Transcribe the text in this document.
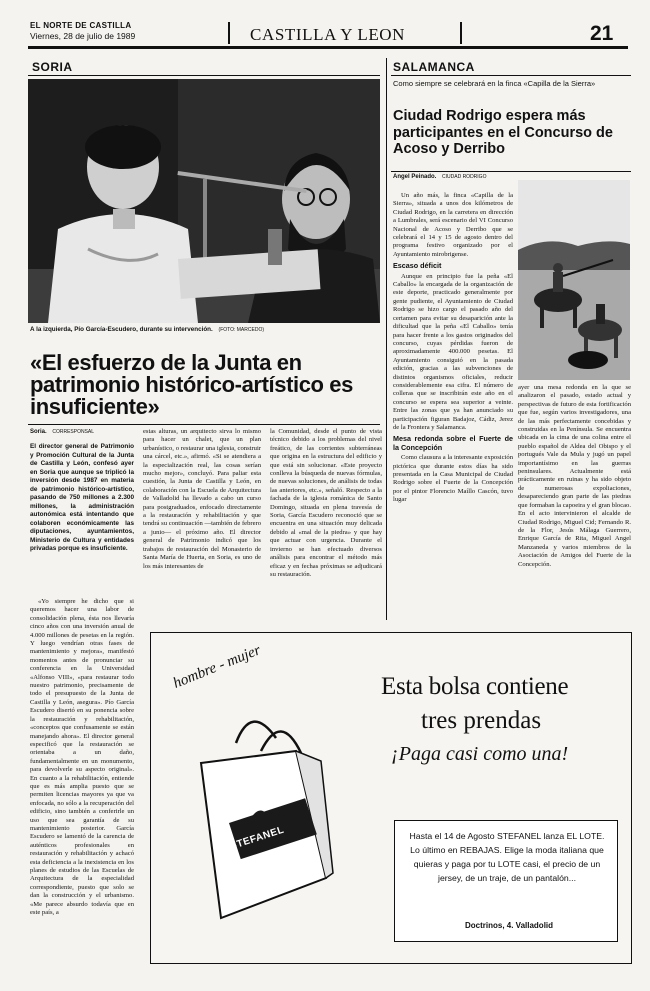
EL NORTE DE CASTILLA
Viernes, 28 de julio de 1989	CASTILLA Y LEON	21
SORIA
A la izquierda, Pío García-Escudero, durante su intervención. (FOTO: MARCEDO)
«El esfuerzo de la Junta en patrimonio histórico-artístico es insuficiente»
Soria. CORRESPONSAL
El director general de Patrimonio y Promoción Cultural de la Junta de Castilla y León, confesó ayer en Soria que aunque se triplicó la inversión desde 1987 en materia de patrimonio histórico-artístico, pasando de 750 millones a 2.300 millones, la administración autonómica está intentando que colaboren económicamente las diputaciones, ayuntamientos, Ministerio de Cultura y entidades privadas porque es insuficiente.
«Yo siempre he dicho que si queremos hacer una labor de consolidación plena, ésta nos llevaría cinco años con una inversión anual de 4.000 millones de pesetas en la región. Y luego vendrían otras fases de mantenimiento y mejora», manifestó momentos antes de pronunciar su conferencia en la Universidad «Alfonso VIII», «para restaurar todo nuestro patrimonio, precisamente de todo el presupuesto de la Junta de Castilla y León, asegura». Pío García Escudero disertó en su ponencia sobre la restauración y rehabilitación, «conceptos que confusamente se están manejando ahora». El director general especificó que la restauración se orientaba a un daño, fundamentalmente en un monumento, para devolverle su aspecto original». En cuanto a la rehabilitación, entiende que es más amplia puesto que se permiten licencias mayores ya que va enfocada, no sólo a la recuperación del edificio, sino también a conferirle un uso que sea garantía de su mantenimiento posterior. García Escudero se lamentó de la carencia de auténticos profesionales en restauración y rehabilitación y achacó esta deficiencia a la inexistencia en los planes de estudios de las Escuelas de Arquitectura de la especialidad correspondiente, puesto que solo se dan la construcción y el urbanismo. «Me parece absurdo todavía que en este país, a
estas alturas, un arquitecto sirva lo mismo para hacer un chalet, que un plan urbanístico, o restaurar una iglesia, construir una cárcel, etc.», afirmó. «Si se atendiera a la especialización real, las cosas serían mucho mejor», concluyó. Para paliar esta cuestión, la Junta de Castilla y León, en colaboración con la Escuela de Arquitectura de Valladolid ha llevado a cabo un curso para postgraduados, enfocado directamente a la restauración y rehabilitación y que tendrá su continuación —también de febrero a junio— el próximo año. El director general de Patrimonio indicó que los trabajos de restauración del Monasterio de Santa María de Huerta, en Soria, es uno de los más interesantes de
la Comunidad, desde el punto de vista técnico debido a los problemas del nivel freático, de las corrientes subterráneas que origina en la estructura del edificio y que está sin solucionar. «Este proyecto conlleva la búsqueda de nuevas fórmulas, de nuevas soluciones, de análisis de todas las anteriores, etc.», señaló. Respecto a la fachada de la iglesia románica de Santo Domingo, situada en plena travesía de Soria, García Escudero reconoció que se encuentra en una situación muy delicada debido al «mal de la piedra» y que hay que actuar con urgencia. Durante el invierno se han efectuado diversos análisis para encontrar el método más eficaz y en fechas próximas se adjudicará su restauración.
SALAMANCA
Como siempre se celebrará en la finca «Capilla de la Sierra»
Ciudad Rodrigo espera más participantes en el Concurso de Acoso y Derribo
Angel Peinado. CIUDAD RODRIGO

Un año más, la finca «Capilla de la Sierra», situada a unos dos kilómetros de Ciudad Rodrigo, en la carretera en dirección a Lumbrales, será escenario del VI Concurso Nacional de Acoso y Derribo que se celebrará el 14 y 15 de agosto dentro del programa festivo organizado por el Ayuntamiento mirobrigense.

Escaso déficit

Aunque en principio fue la peña «El Caballo» la encargada de la organización de este deporte, practicado generalmente por gente pudiente, el Ayuntamiento de Ciudad Rodrigo se hizo cargo el pasado año del certamen para evitar su desaparición ante la dificultad que la peña «El Caballo» tenía para hacer frente a los gastos originados del concurso, cuyas pérdidas fueron de aproximadamente 400.000 pesetas. El Ayuntamiento consiguió en la pasada edición, gracias a las subvenciones de distintos organismos oficiales, reducir considerablemente esa cifra. El número de colleras que se inscribirán este año en el concurso se espera sea superior a veinte. Entre las zonas que ya han anunciado su participación figuran Badajoz, Cádiz, Jerez de la Frontera y Salamanca.

Mesa redonda sobre el Fuerte de la Concepción

Como clausura a la interesante exposición pictórica que durante estos días ha sido presentada en la Casa Municipal de Ciudad Rodrigo sobre el Fuerte de la Concepción por el pintor Florencio Maíllo Cascón, tuvo lugar

ayer una mesa redonda en la que se analizaron el pasado, estado actual y perspectivas de futuro de esta fortificación que fue, según varios investigadores, una de las más perfectamente concebidas y construidas en la Península. Se encuentra ubicada en la cima de una colina entre el pueblo español de Aldea del Obispo y el portugués Vale da Mula y jugó un papel importantísimo en las guerras peninsulares. Actualmente está prácticamente en ruinas y ha sido objeto de numerosas expoliaciones, desapareciendo gran parte de las piedras que formaban la capoeira y el gran blocao. En el acto intervinieron el alcalde de Ciudad Rodrigo, Miguel Cid; Fernando R. de la Flor, Jesús Málaga Guerrero, Enrique García de Rita, Miguel Angel Manzaneda y varios miembros de la Asociación de Amigos del Fuerte de la Concepción.
hombre - mujer
STEFANEL
Esta bolsa contiene
tres prendas
¡Paga casi como una!
Hasta el 14 de Agosto STEFANEL lanza EL LOTE. Lo último en REBAJAS. Elige la moda italiana que quieras y paga por tu LOTE casi, el precio de un jersey, de un traje, de un pantalón...
Doctrinos, 4. Valladolid
